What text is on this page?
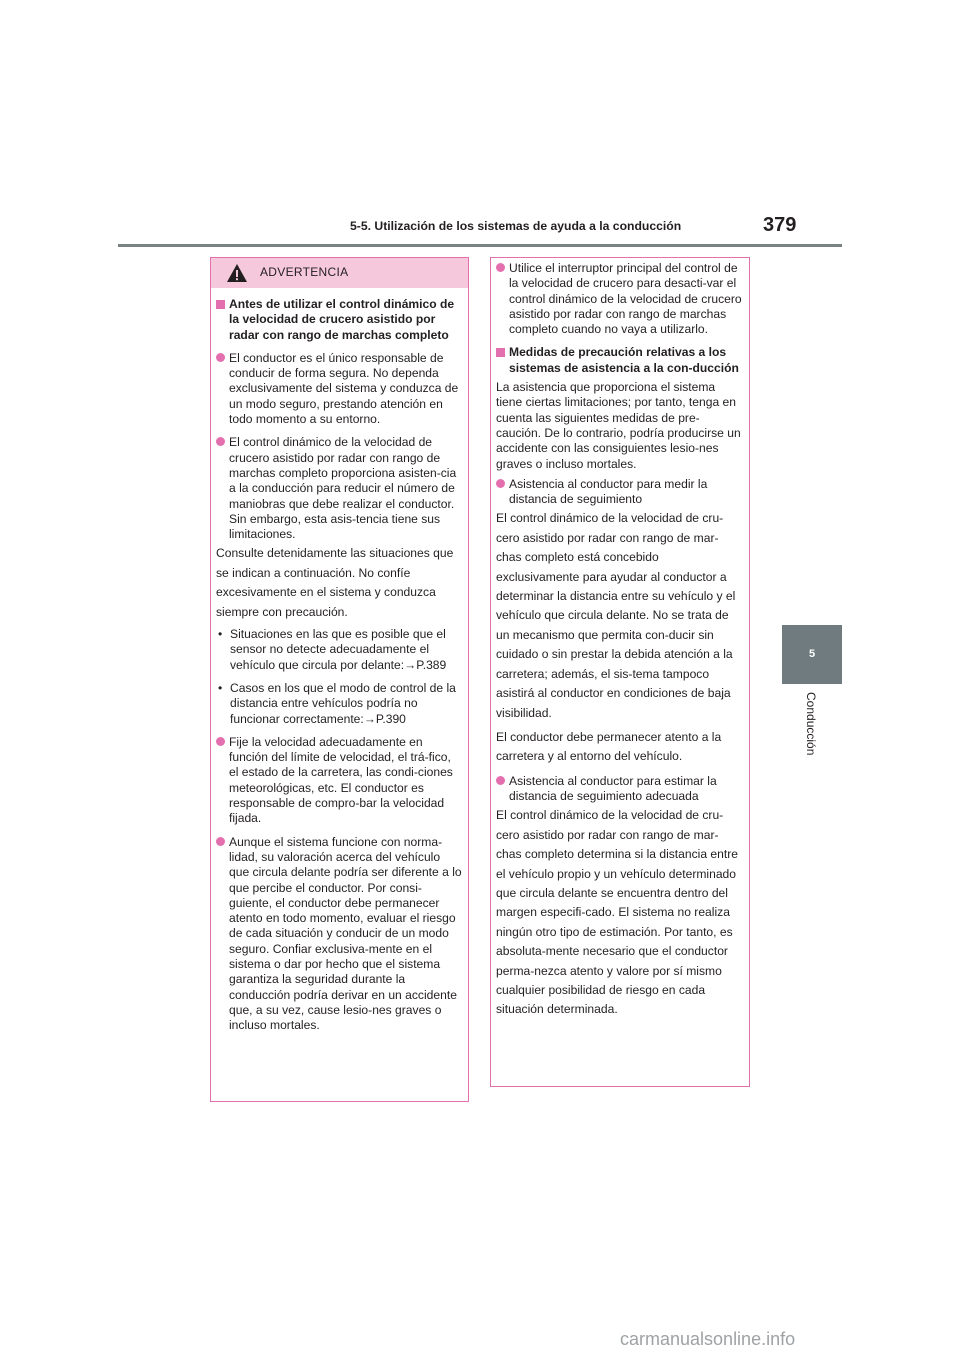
5-5. Utilización de los sistemas de ayuda a la conducción	379
5
Conducción
ADVERTENCIA
Antes de utilizar el control dinámico de la velocidad de crucero asistido por radar con rango de marchas completo
El conductor es el único responsable de conducir de forma segura. No dependa exclusivamente del sistema y conduzca de un modo seguro, prestando atención en todo momento a su entorno.
El control dinámico de la velocidad de crucero asistido por radar con rango de marchas completo proporciona asisten-cia a la conducción para reducir el número de maniobras que debe realizar el conductor. Sin embargo, esta asis-tencia tiene sus limitaciones.
Consulte detenidamente las situaciones que se indican a continuación. No confíe excesivamente en el sistema y conduzca siempre con precaución.
• Situaciones en las que es posible que el sensor no detecte adecuadamente el vehículo que circula por delante:→P.389
• Casos en los que el modo de control de la distancia entre vehículos podría no funcionar correctamente:→P.390
Fije la velocidad adecuadamente en función del límite de velocidad, el trá-fico, el estado de la carretera, las condi-ciones meteorológicas, etc. El conductor es responsable de compro-bar la velocidad fijada.
Aunque el sistema funcione con norma-lidad, su valoración acerca del vehículo que circula delante podría ser diferente a lo que percibe el conductor. Por consi-guiente, el conductor debe permanecer atento en todo momento, evaluar el riesgo de cada situación y conducir de un modo seguro. Confiar exclusiva-mente en el sistema o dar por hecho que el sistema garantiza la seguridad durante la conducción podría derivar en un accidente que, a su vez, cause lesio-nes graves o incluso mortales.
Utilice el interruptor principal del control de la velocidad de crucero para desacti-var el control dinámico de la velocidad de crucero asistido por radar con rango de marchas completo cuando no vaya a utilizarlo.
Medidas de precaución relativas a los sistemas de asistencia a la con-ducción
La asistencia que proporciona el sistema tiene ciertas limitaciones; por tanto, tenga en cuenta las siguientes medidas de pre-caución. De lo contrario, podría producirse un accidente con las consiguientes lesio-nes graves o incluso mortales.
Asistencia al conductor para medir la distancia de seguimiento
El control dinámico de la velocidad de cru-cero asistido por radar con rango de mar-chas completo está concebido exclusivamente para ayudar al conductor a determinar la distancia entre su vehículo y el vehículo que circula delante. No se trata de un mecanismo que permita con-ducir sin cuidado o sin prestar la debida atención a la carretera; además, el sis-tema tampoco asistirá al conductor en condiciones de baja visibilidad.
El conductor debe permanecer atento a la carretera y al entorno del vehículo.
Asistencia al conductor para estimar la distancia de seguimiento adecuada
El control dinámico de la velocidad de cru-cero asistido por radar con rango de mar-chas completo determina si la distancia entre el vehículo propio y un vehículo determinado que circula delante se encuentra dentro del margen especifi-cado. El sistema no realiza ningún otro tipo de estimación. Por tanto, es absoluta-mente necesario que el conductor perma-nezca atento y valore por sí mismo cualquier posibilidad de riesgo en cada situación determinada.
carmanualsonline.info
